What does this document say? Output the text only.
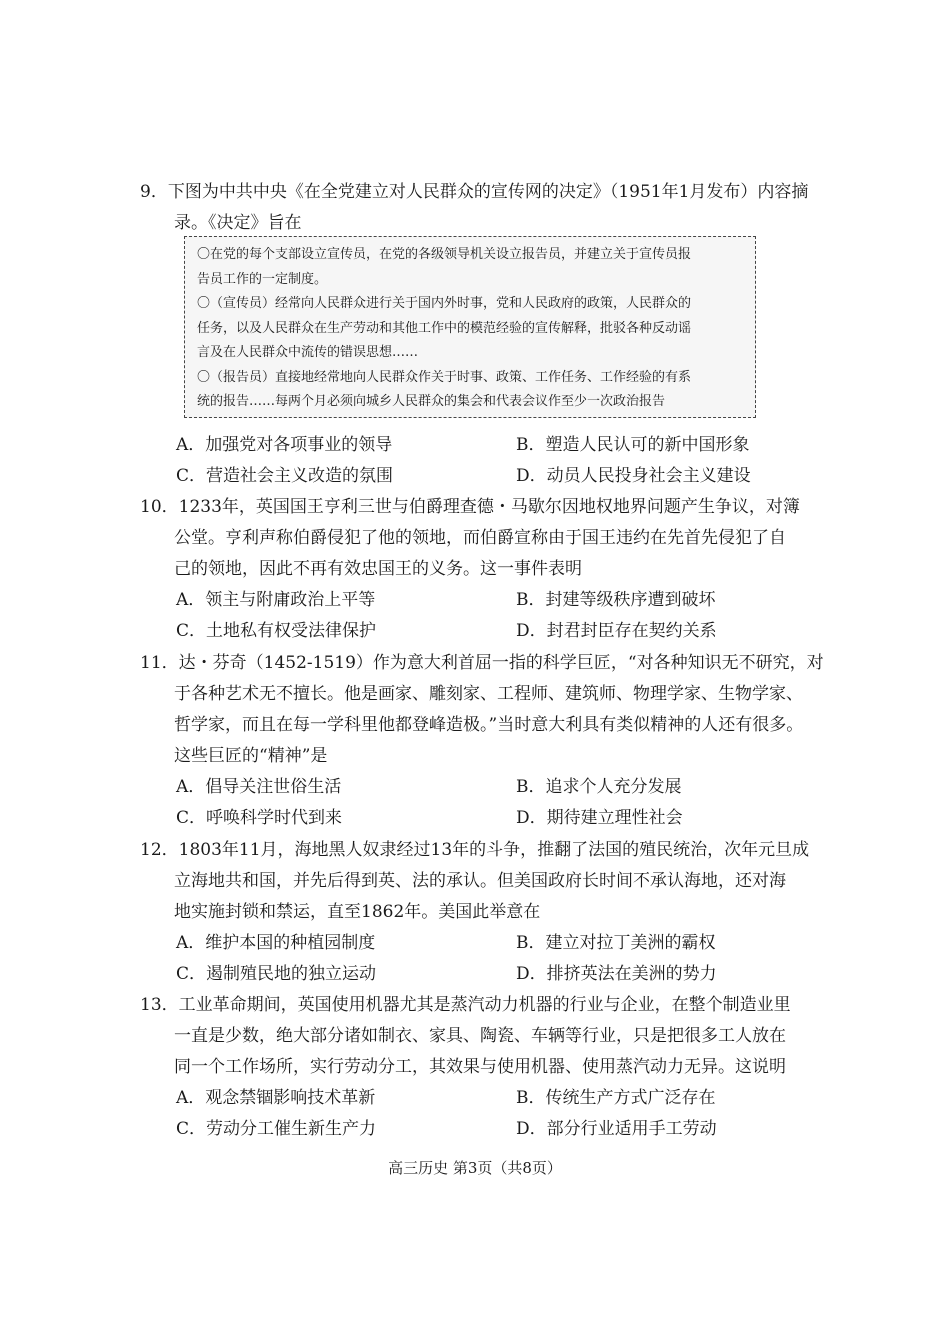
9．下图为中共中央《在全党建立对人民群众的宣传网的决定》（1951年1月发布）内容摘
录。《决定》旨在
〇在党的每个支部设立宣传员，在党的各级领导机关设立报告员，并建立关于宣传员报
告员工作的一定制度。
〇（宣传员）经常向人民群众进行关于国内外时事，党和人民政府的政策，人民群众的
任务，以及人民群众在生产劳动和其他工作中的模范经验的宣传解释，批驳各种反动谣
言及在人民群众中流传的错误思想……
〇（报告员）直接地经常地向人民群众作关于时事、政策、工作任务、工作经验的有系
统的报告……每两个月必须向城乡人民群众的集会和代表会议作至少一次政治报告
A．加强党对各项事业的领导	B．塑造人民认可的新中国形象
C．营造社会主义改造的氛围	D．动员人民投身社会主义建设
10．1233年，英国国王亨利三世与伯爵理查德・马歇尔因地权地界问题产生争议，对簿
公堂。亨利声称伯爵侵犯了他的领地，而伯爵宣称由于国王违约在先首先侵犯了自
己的领地，因此不再有效忠国王的义务。这一事件表明
A．领主与附庸政治上平等	B．封建等级秩序遭到破坏
C．土地私有权受法律保护	D．封君封臣存在契约关系
11．达・芬奇（1452-1519）作为意大利首屈一指的科学巨匠，“对各种知识无不研究，对
于各种艺术无不擅长。他是画家、雕刻家、工程师、建筑师、物理学家、生物学家、
哲学家，而且在每一学科里他都登峰造极。”当时意大利具有类似精神的人还有很多。
这些巨匠的“精神”是
A．倡导关注世俗生活	B．追求个人充分发展
C．呼唤科学时代到来	D．期待建立理性社会
12．1803年11月，海地黑人奴隶经过13年的斗争，推翻了法国的殖民统治，次年元旦成
立海地共和国，并先后得到英、法的承认。但美国政府长时间不承认海地，还对海
地实施封锁和禁运，直至1862年。美国此举意在
A．维护本国的种植园制度	B．建立对拉丁美洲的霸权
C．遏制殖民地的独立运动	D．排挤英法在美洲的势力
13．工业革命期间，英国使用机器尤其是蒸汽动力机器的行业与企业，在整个制造业里
一直是少数，绝大部分诸如制衣、家具、陶瓷、车辆等行业，只是把很多工人放在
同一个工作场所，实行劳动分工，其效果与使用机器、使用蒸汽动力无异。这说明
A．观念禁锢影响技术革新	B．传统生产方式广泛存在
C．劳动分工催生新生产力	D．部分行业适用手工劳动
高三历史 第3页（共8页）
